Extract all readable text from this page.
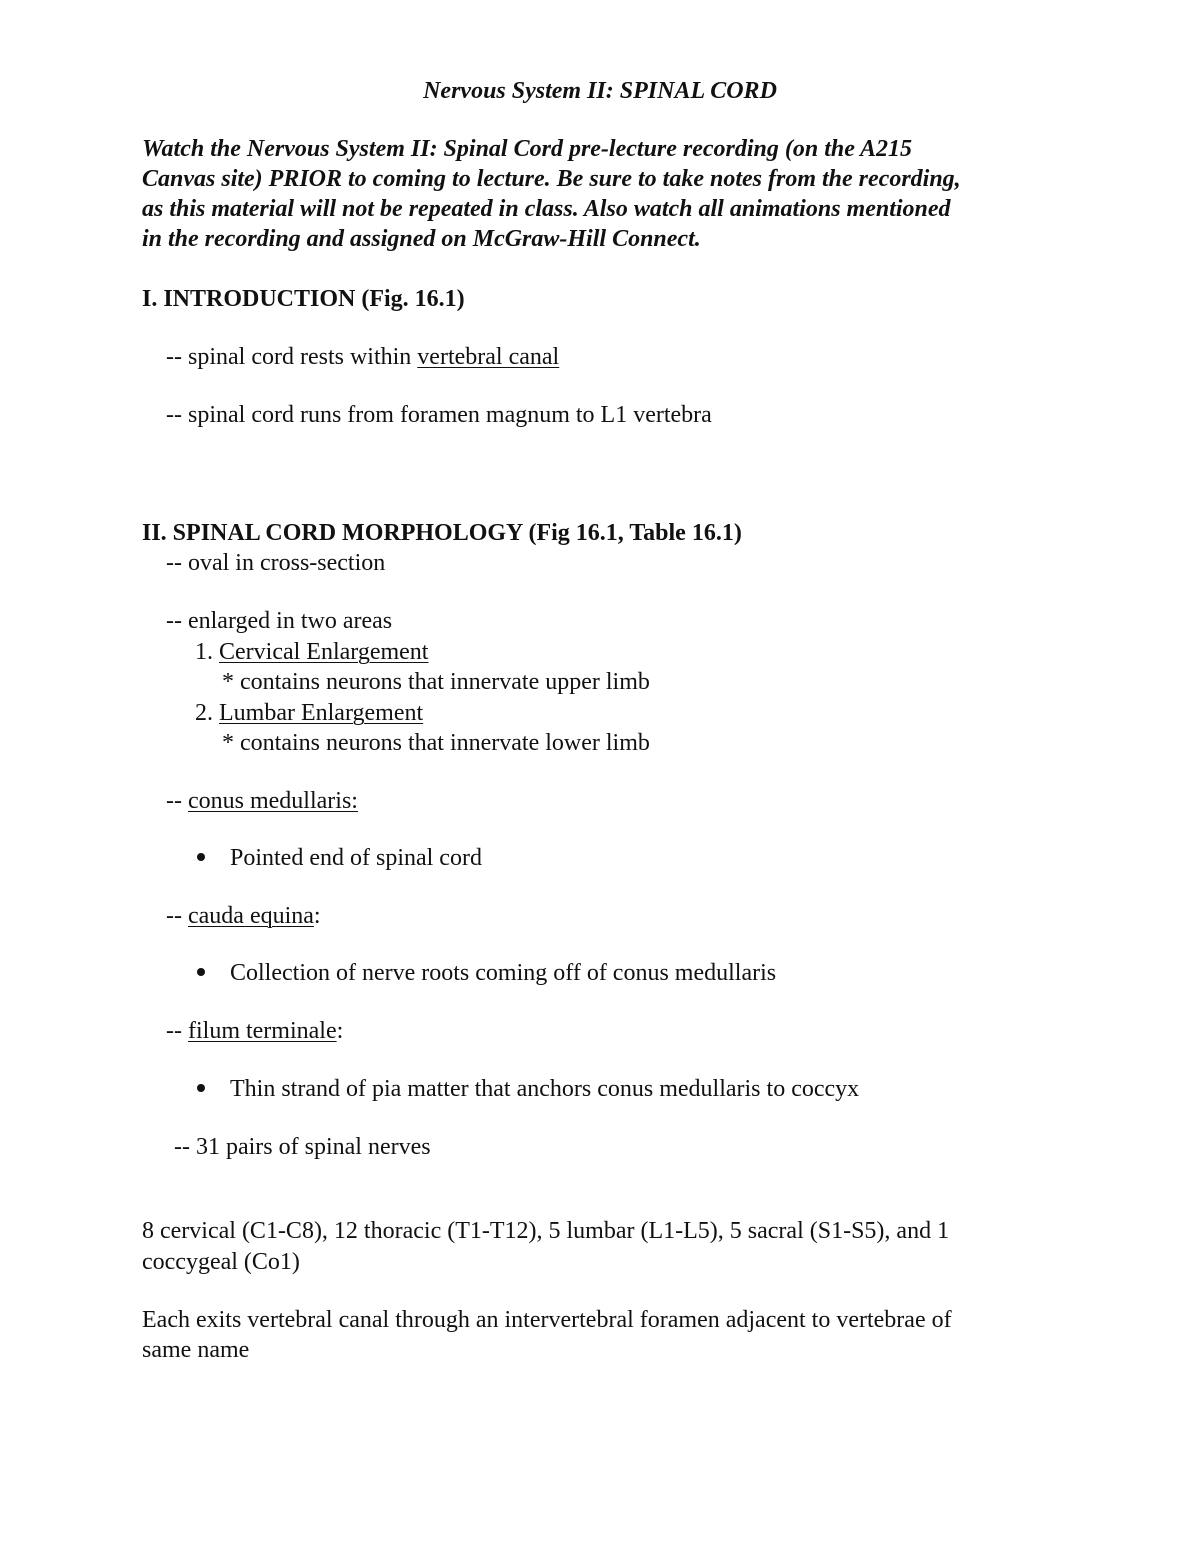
Nervous System II: SPINAL CORD
Watch the Nervous System II: Spinal Cord pre-lecture recording (on the A215
Canvas site) PRIOR to coming to lecture. Be sure to take notes from the recording,
as this material will not be repeated in class. Also watch all animations mentioned
in the recording and assigned on McGraw-Hill Connect.
I. INTRODUCTION (Fig. 16.1)
-- spinal cord rests within vertebral canal
-- spinal cord runs from foramen magnum to L1 vertebra
II. SPINAL CORD MORPHOLOGY (Fig 16.1, Table 16.1)
-- oval in cross-section
-- enlarged in two areas
1. Cervical Enlargement
* contains neurons that innervate upper limb
2. Lumbar Enlargement
* contains neurons that innervate lower limb
-- conus medullaris:
Pointed end of spinal cord
-- cauda equina:
Collection of nerve roots coming off of conus medullaris
-- filum terminale:
Thin strand of pia matter that anchors conus medullaris to coccyx
-- 31 pairs of spinal nerves
8 cervical (C1-C8), 12 thoracic (T1-T12), 5 lumbar (L1-L5), 5 sacral (S1-S5), and 1
coccygeal (Co1)
Each exits vertebral canal through an intervertebral foramen adjacent to vertebrae of
same name
